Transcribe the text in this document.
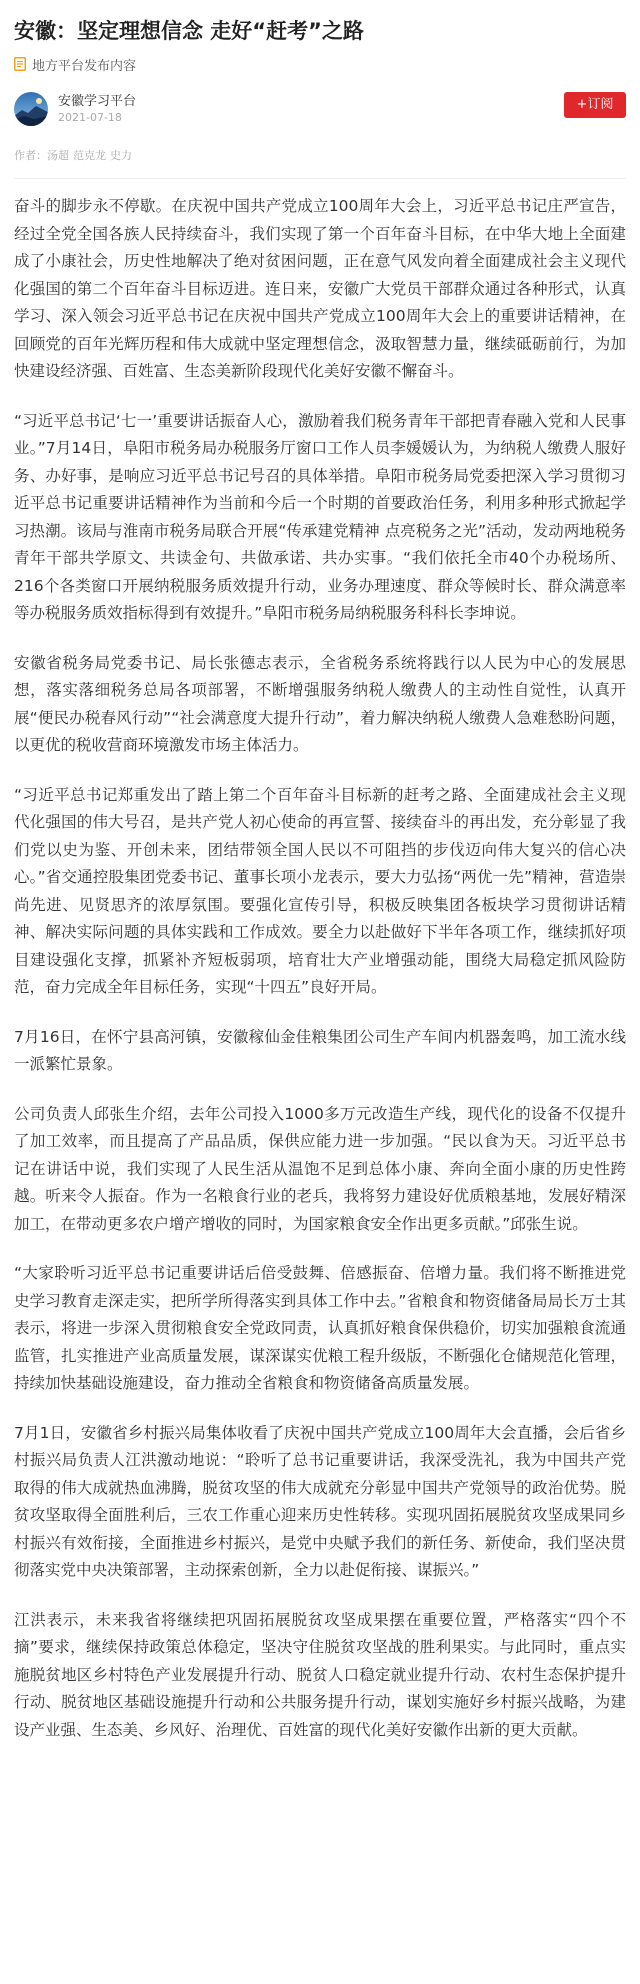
安徽：坚定理想信念 走好“赶考”之路
地方平台发布内容
安徽学习平台
2021-07-18
+订阅
作者：汤超 范克龙 史力

奋斗的脚步永不停歇。在庆祝中国共产党成立100周年大会上，习近平总书记庄严宣告，经过全党全国各族人民持续奋斗，我们实现了第一个百年奋斗目标，在中华大地上全面建成了小康社会，历史性地解决了绝对贫困问题，正在意气风发向着全面建成社会主义现代化强国的第二个百年奋斗目标迈进。连日来，安徽广大党员干部群众通过各种形式，认真学习、深入领会习近平总书记在庆祝中国共产党成立100周年大会上的重要讲话精神，在回顾党的百年光辉历程和伟大成就中坚定理想信念，汲取智慧力量，继续砥砺前行，为加快建设经济强、百姓富、生态美新阶段现代化美好安徽不懈奋斗。

“习近平总书记‘七一’重要讲话振奋人心，激励着我们税务青年干部把青春融入党和人民事业。”7月14日，阜阳市税务局办税服务厅窗口工作人员李媛媛认为，为纳税人缴费人服好务、办好事，是响应习近平总书记号召的具体举措。阜阳市税务局党委把深入学习贯彻习近平总书记重要讲话精神作为当前和今后一个时期的首要政治任务，利用多种形式掀起学习热潮。该局与淮南市税务局联合开展“传承建党精神 点亮税务之光”活动，发动两地税务青年干部共学原文、共读金句、共做承诺、共办实事。“我们依托全市40个办税场所、216个各类窗口开展纳税服务质效提升行动，业务办理速度、群众等候时长、群众满意率等办税服务质效指标得到有效提升。”阜阳市税务局纳税服务科科长李坤说。

安徽省税务局党委书记、局长张德志表示，全省税务系统将践行以人民为中心的发展思想，落实落细税务总局各项部署，不断增强服务纳税人缴费人的主动性自觉性，认真开展“便民办税春风行动”“社会满意度大提升行动”，着力解决纳税人缴费人急难愁盼问题，以更优的税收营商环境激发市场主体活力。

“习近平总书记郑重发出了踏上第二个百年奋斗目标新的赶考之路、全面建成社会主义现代化强国的伟大号召，是共产党人初心使命的再宣誓、接续奋斗的再出发，充分彰显了我们党以史为鉴、开创未来，团结带领全国人民以不可阻挡的步伐迈向伟大复兴的信心决心。”省交通控股集团党委书记、董事长项小龙表示，要大力弘扬“两优一先”精神，营造崇尚先进、见贤思齐的浓厚氛围。要强化宣传引导，积极反映集团各板块学习贯彻讲话精神、解决实际问题的具体实践和工作成效。要全力以赴做好下半年各项工作，继续抓好项目建设强化支撑，抓紧补齐短板弱项，培育壮大产业增强动能，围绕大局稳定抓风险防范，奋力完成全年目标任务，实现“十四五”良好开局。

7月16日，在怀宁县高河镇，安徽稼仙金佳粮集团公司生产车间内机器轰鸣，加工流水线一派繁忙景象。

公司负责人邱张生介绍，去年公司投入1000多万元改造生产线，现代化的设备不仅提升了加工效率，而且提高了产品品质，保供应能力进一步加强。“民以食为天。习近平总书记在讲话中说，我们实现了人民生活从温饱不足到总体小康、奔向全面小康的历史性跨越。听来令人振奋。作为一名粮食行业的老兵，我将努力建设好优质粮基地，发展好精深加工，在带动更多农户增产增收的同时，为国家粮食安全作出更多贡献。”邱张生说。

“大家聆听习近平总书记重要讲话后倍受鼓舞、倍感振奋、倍增力量。我们将不断推进党史学习教育走深走实，把所学所得落实到具体工作中去。”省粮食和物资储备局局长万士其表示，将进一步深入贯彻粮食安全党政同责，认真抓好粮食保供稳价，切实加强粮食流通监管，扎实推进产业高质量发展，谋深谋实优粮工程升级版，不断强化仓储规范化管理，持续加快基础设施建设，奋力推动全省粮食和物资储备高质量发展。

7月1日，安徽省乡村振兴局集体收看了庆祝中国共产党成立100周年大会直播，会后省乡村振兴局负责人江洪激动地说：“聆听了总书记重要讲话，我深受洗礼，我为中国共产党取得的伟大成就热血沸腾，脱贫攻坚的伟大成就充分彰显中国共产党领导的政治优势。脱贫攻坚取得全面胜利后，三农工作重心迎来历史性转移。实现巩固拓展脱贫攻坚成果同乡村振兴有效衔接，全面推进乡村振兴，是党中央赋予我们的新任务、新使命，我们坚决贯彻落实党中央决策部署，主动探索创新，全力以赴促衔接、谋振兴。”

江洪表示，未来我省将继续把巩固拓展脱贫攻坚成果摆在重要位置，严格落实“四个不摘”要求，继续保持政策总体稳定，坚决守住脱贫攻坚战的胜利果实。与此同时，重点实施脱贫地区乡村特色产业发展提升行动、脱贫人口稳定就业提升行动、农村生态保护提升行动、脱贫地区基础设施提升行动和公共服务提升行动，谋划实施好乡村振兴战略，为建设产业强、生态美、乡风好、治理优、百姓富的现代化美好安徽作出新的更大贡献。
